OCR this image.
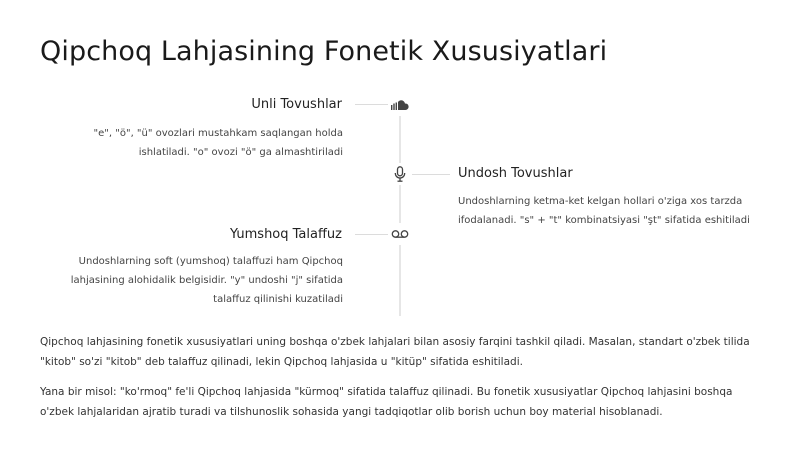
Qipchoq Lahjasining Fonetik Xususiyatlari
Unli Tovushlar
"e", "ö", "ü" ovozlari mustahkam saqlangan holda ishlatiladi. "o" ovozi "ö" ga almashtiriladi
Undosh Tovushlar
Undoshlarning ketma-ket kelgan hollari o'ziga xos tarzda ifodalanadi. "s" + "t" kombinatsiyasi "şt" sifatida eshitiladi
Yumshoq Talaffuz
Undoshlarning soft (yumshoq) talaffuzi ham Qipchoq lahjasining alohidalik belgisidir. "y" undoshi "j" sifatida talaffuz qilinishi kuzatiladi

Qipchoq lahjasining fonetik xususiyatlari uning boshqa o'zbek lahjalari bilan asosiy farqini tashkil qiladi. Masalan, standart o'zbek tilida "kitob" so'zi "kitob" deb talaffuz qilinadi, lekin Qipchoq lahjasida u "kitüp" sifatida eshitiladi.

Yana bir misol: "ko'rmoq" fe'li Qipchoq lahjasida "kürmoq" sifatida talaffuz qilinadi. Bu fonetik xususiyatlar Qipchoq lahjasini boshqa o'zbek lahjalaridan ajratib turadi va tilshunoslik sohasida yangi tadqiqotlar olib borish uchun boy material hisoblanadi.
